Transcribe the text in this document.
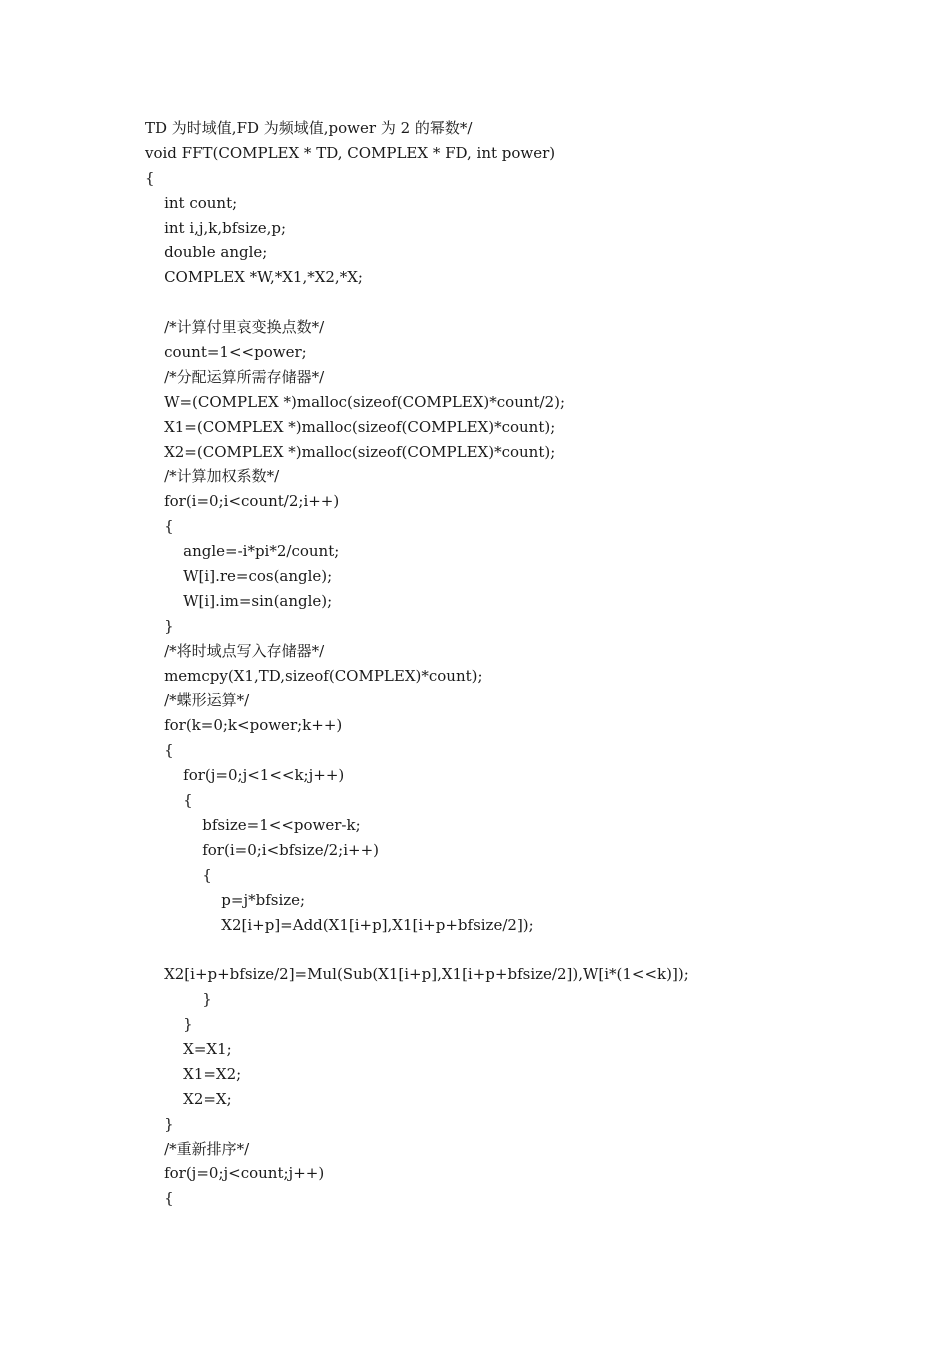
TD 为时域值,FD 为频域值,power 为 2 的幂数*/
void FFT(COMPLEX * TD, COMPLEX * FD, int power)
{
int count;
int i,j,k,bfsize,p;
double angle;
COMPLEX *W,*X1,*X2,*X;
/*计算付里哀变换点数*/
count=1<<power;
/*分配运算所需存储器*/
W=(COMPLEX *)malloc(sizeof(COMPLEX)*count/2);
X1=(COMPLEX *)malloc(sizeof(COMPLEX)*count);
X2=(COMPLEX *)malloc(sizeof(COMPLEX)*count);
/*计算加权系数*/
for(i=0;i<count/2;i++)
{
angle=-i*pi*2/count;
W[i].re=cos(angle);
W[i].im=sin(angle);
}
/*将时域点写入存储器*/
memcpy(X1,TD,sizeof(COMPLEX)*count);
/*蝶形运算*/
for(k=0;k<power;k++)
{
for(j=0;j<1<<k;j++)
{
bfsize=1<<power-k;
for(i=0;i<bfsize/2;i++)
{
p=j*bfsize;
X2[i+p]=Add(X1[i+p],X1[i+p+bfsize/2]);
X2[i+p+bfsize/2]=Mul(Sub(X1[i+p],X1[i+p+bfsize/2]),W[i*(1<<k)]);
}
}
X=X1;
X1=X2;
X2=X;
}
/*重新排序*/
for(j=0;j<count;j++)
{
